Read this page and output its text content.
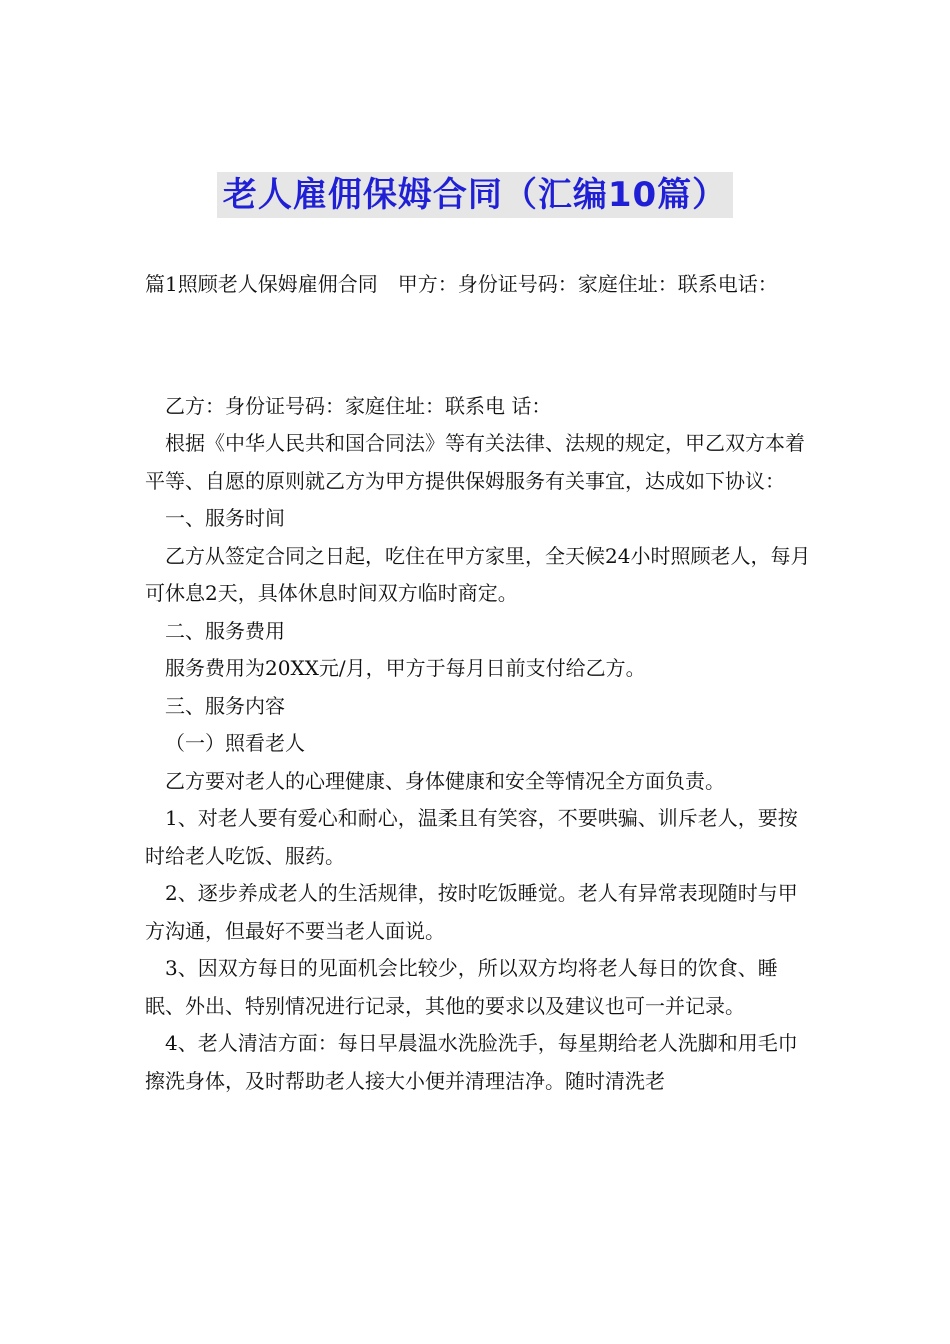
老人雇佣保姆合同（汇编10篇）

篇1照顾老人保姆雇佣合同 甲方：身份证号码：家庭住址：联系电话：

乙方：身份证号码：家庭住址：联系电 话：

根据《中华人民共和国合同法》等有关法律、法规的规定，甲乙双方本着平等、自愿的原则就乙方为甲方提供保姆服务有关事宜，达成如下协议：

一、服务时间

乙方从签定合同之日起，吃住在甲方家里，全天候24小时照顾老人，每月可休息2天，具体休息时间双方临时商定。

二、服务费用

服务费用为20XX元/月，甲方于每月日前支付给乙方。

三、服务内容

（一）照看老人

乙方要对老人的心理健康、身体健康和安全等情况全方面负责。

1、对老人要有爱心和耐心，温柔且有笑容，不要哄骗、训斥老人，要按时给老人吃饭、服药。

2、逐步养成老人的生活规律，按时吃饭睡觉。老人有异常表现随时与甲方沟通，但最好不要当老人面说。

3、因双方每日的见面机会比较少，所以双方均将老人每日的饮食、睡眠、外出、特别情况进行记录，其他的要求以及建议也可一并记录。

4、老人清洁方面：每日早晨温水洗脸洗手，每星期给老人洗脚和用毛巾擦洗身体，及时帮助老人接大小便并清理洁净。随时清洗老
